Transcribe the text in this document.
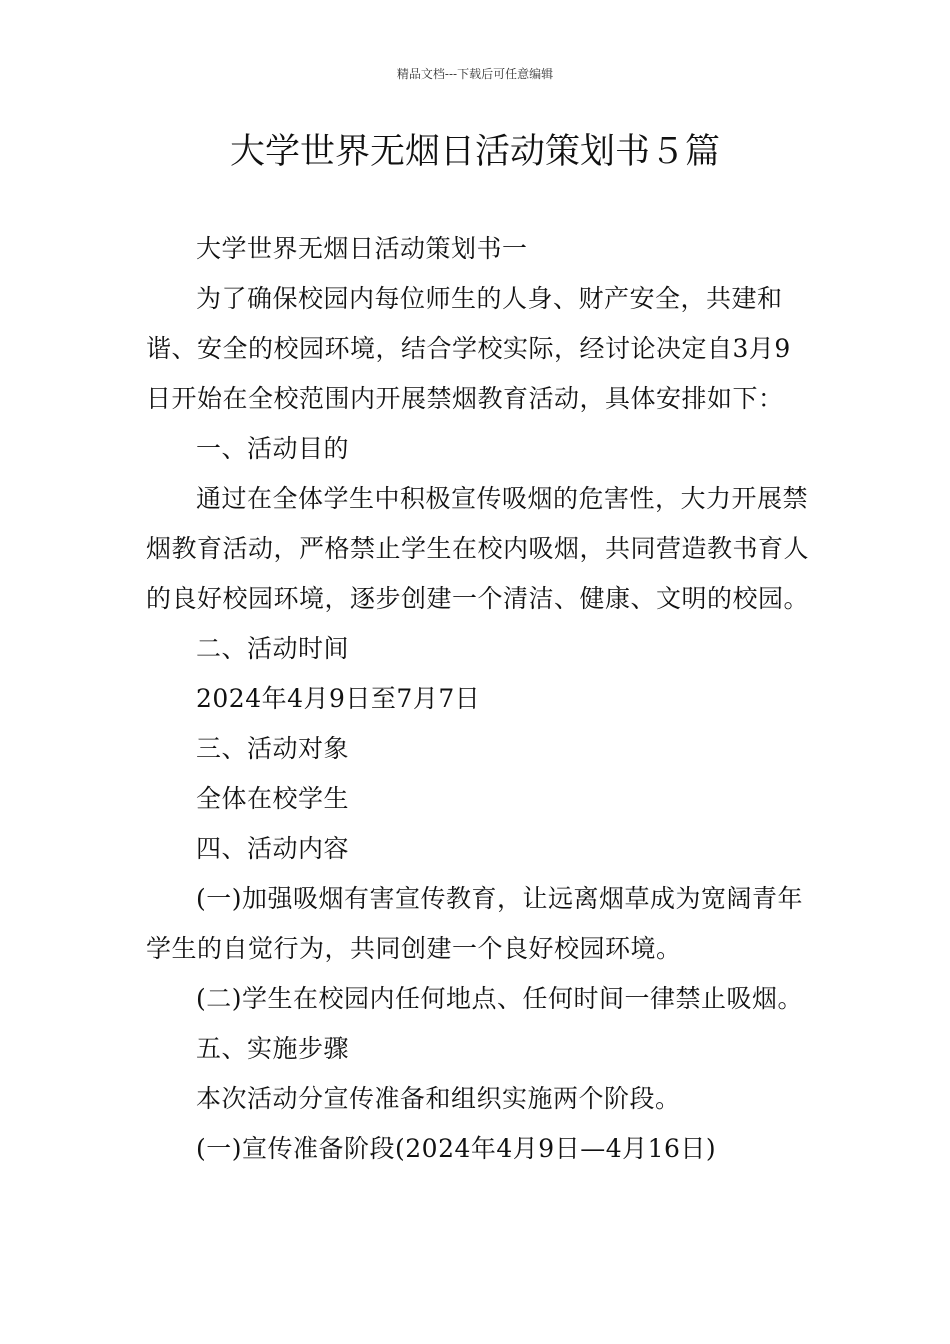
精品文档---下载后可任意编辑
大学世界无烟日活动策划书５篇

大学世界无烟日活动策划书一

为了确保校园内每位师生的人身、财产安全，共建和谐、安全的校园环境，结合学校实际，经讨论决定自3月9日开始在全校范围内开展禁烟教育活动，具体安排如下：

一、活动目的

通过在全体学生中积极宣传吸烟的危害性，大力开展禁烟教育活动，严格禁止学生在校内吸烟，共同营造教书育人的良好校园环境，逐步创建一个清洁、健康、文明的校园。

二、活动时间

2024年4月9日至7月7日

三、活动对象

全体在校学生

四、活动内容

(一)加强吸烟有害宣传教育，让远离烟草成为宽阔青年学生的自觉行为，共同创建一个良好校园环境。

(二)学生在校园内任何地点、任何时间一律禁止吸烟。

五、实施步骤

本次活动分宣传准备和组织实施两个阶段。

(一)宣传准备阶段(2024年4月9日—4月16日)
